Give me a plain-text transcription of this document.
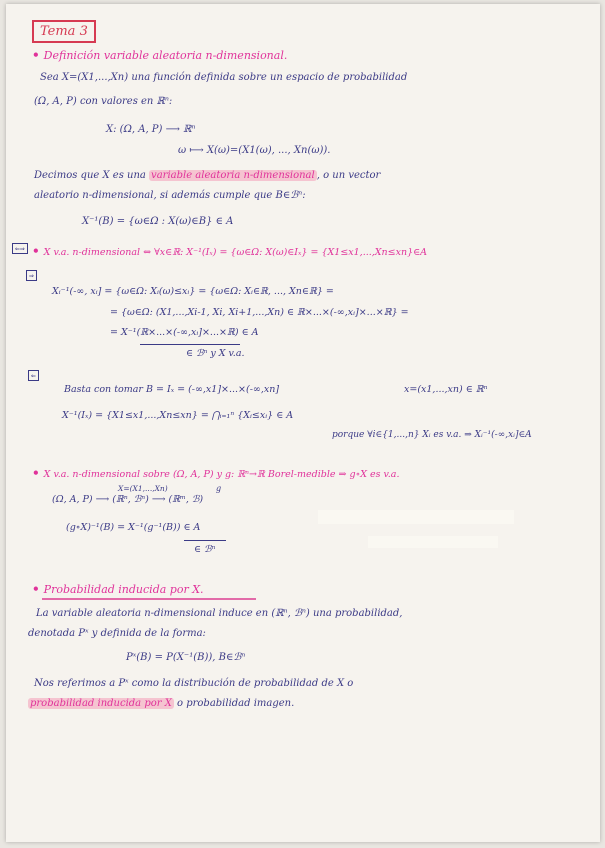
Tema 3
• Definición variable aleatoria n-dimensional.
Sea X=(X1,...,Xn) una función definida sobre un espacio de probabilidad
(Ω, A, P) con valores en ℝⁿ:
X: (Ω, A, P) ⟶ ℝⁿ
ω ⟼ X(ω)=(X1(ω), ..., Xn(ω)).
Decimos que X es una variable aleatoria n-dimensional , o un vector
aleatorio n-dimensional, si además cumple que B∈ℬⁿ:
X⁻¹(B) = {ω∈Ω : X(ω)∈B} ∈ A
⇐⇒ • X v.a. n-dimensional ⇔ ∀x∈ℝ: X⁻¹(Iₓ) = {ω∈Ω: X(ω)∈Iₓ} = {X1≤x1,...,Xn≤xn}∈A
⇒
Xᵢ⁻¹(-∞, xᵢ] = {ω∈Ω: Xᵢ(ω)≤xᵢ} = {ω∈Ω: Xᵢ∈ℝ, ..., Xn∈ℝ} =
= {ω∈Ω: (X1,...,Xi-1, Xi, Xi+1,...,Xn) ∈ ℝ×...×(-∞,xᵢ]×...×ℝ} =
= X⁻¹(ℝ×...×(-∞,xᵢ]×...×ℝ) ∈ A
∈ ℬⁿ y X v.a.
⇐
Basta con tomar B = Iₓ = (-∞,x1]×...×(-∞,xn]	x=(x1,...,xn) ∈ ℝⁿ
X⁻¹(Iₓ) = {X1≤x1,...,Xn≤xn} = ⋂ᵢ₌₁ⁿ {Xᵢ≤xᵢ} ∈ A
porque ∀i∈{1,...,n} Xᵢ es v.a. ⇒ Xᵢ⁻¹(-∞,xᵢ]∈A
• X v.a. n-dimensional sobre (Ω, A, P) y g: ℝⁿ→ℝ Borel-medible ⇒ g∘X es v.a.
X=(X1,...,Xn)	g
(Ω, A, P) ⟶ (ℝⁿ, ℬⁿ) ⟶ (ℝᵐ, ℬ)
(g∘X)⁻¹(B) = X⁻¹(g⁻¹(B)) ∈ A
∈ ℬⁿ
• Probabilidad inducida por X.
La variable aleatoria n-dimensional induce en (ℝⁿ, ℬⁿ) una probabilidad,
denotada Pˣ y definida de la forma:
Pˣ(B) = P(X⁻¹(B)), B∈ℬⁿ
Nos referimos a Pˣ como la distribución de probabilidad de X o
probabilidad inducida por X o probabilidad imagen.
